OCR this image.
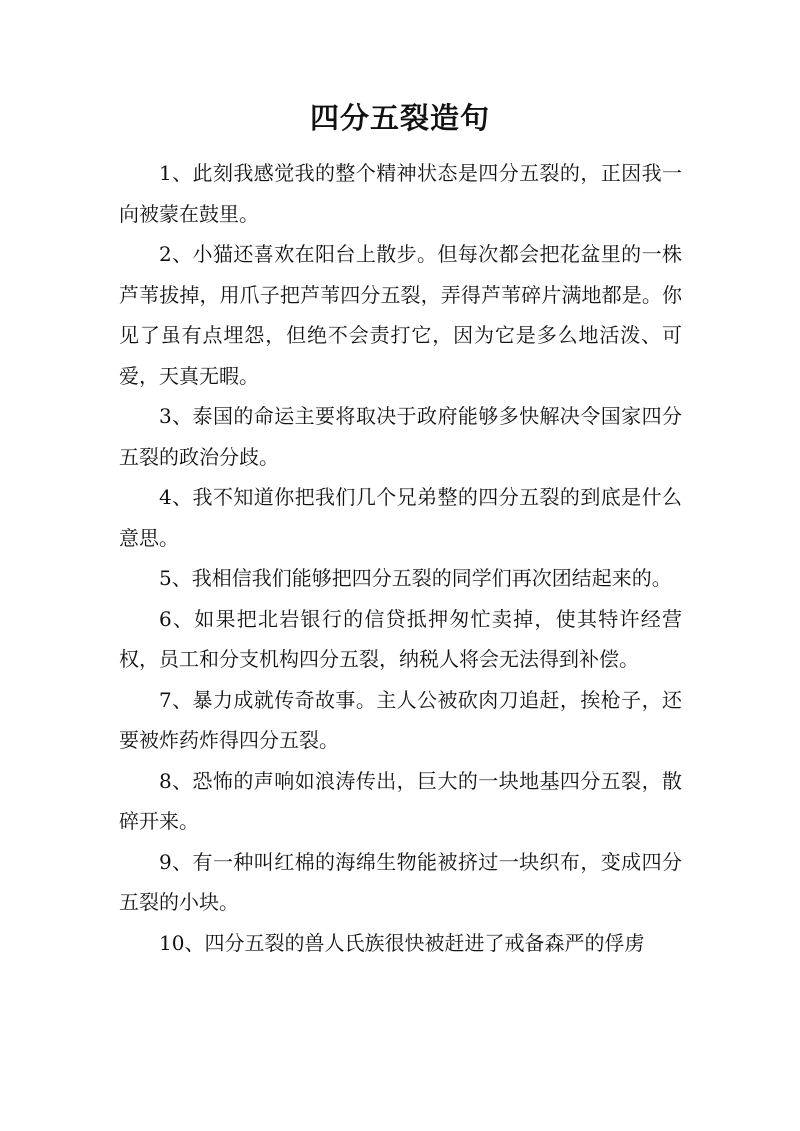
四分五裂造句

1、此刻我感觉我的整个精神状态是四分五裂的，正因我一向被蒙在鼓里。

2、小猫还喜欢在阳台上散步。但每次都会把花盆里的一株芦苇拔掉，用爪子把芦苇四分五裂，弄得芦苇碎片满地都是。你见了虽有点埋怨，但绝不会责打它，因为它是多么地活泼、可爱，天真无暇。

3、泰国的命运主要将取决于政府能够多快解决令国家四分五裂的政治分歧。

4、我不知道你把我们几个兄弟整的四分五裂的到底是什么意思。

5、我相信我们能够把四分五裂的同学们再次团结起来的。

6、如果把北岩银行的信贷抵押匆忙卖掉，使其特许经营权，员工和分支机构四分五裂，纳税人将会无法得到补偿。

7、暴力成就传奇故事。主人公被砍肉刀追赶，挨枪子，还要被炸药炸得四分五裂。

8、恐怖的声响如浪涛传出，巨大的一块地基四分五裂，散碎开来。

9、有一种叫红棉的海绵生物能被挤过一块织布，变成四分五裂的小块。

10、四分五裂的兽人氏族很快被赶进了戒备森严的俘虏
